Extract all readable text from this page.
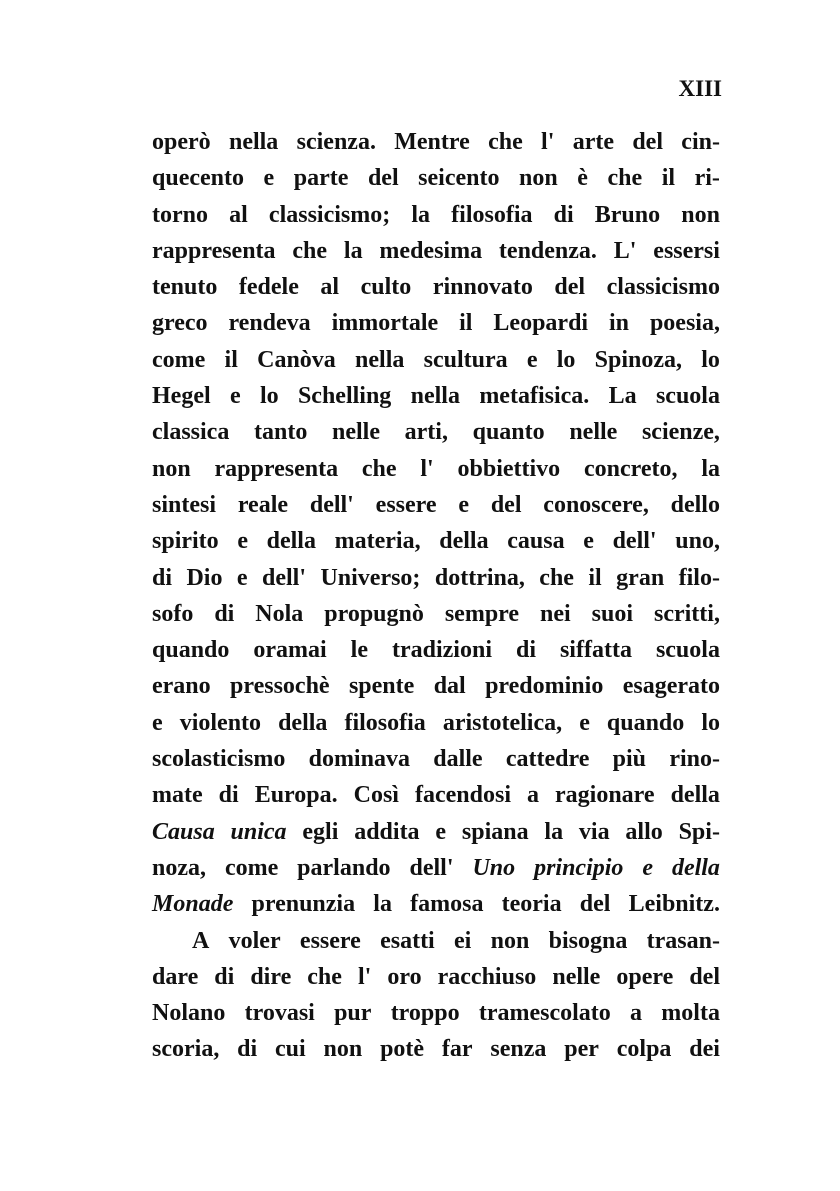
XIII
operò nella scienza. Mentre che l' arte del cin-
quecento e parte del seicento non è che il ri-
torno al classicismo; la filosofia di Bruno non
rappresenta che la medesima tendenza. L' essersi
tenuto fedele al culto rinnovato del classicismo
greco rendeva immortale il Leopardi in poesia,
come il Canòva nella scultura e lo Spinoza, lo
Hegel e lo Schelling nella metafisica. La scuola
classica tanto nelle arti, quanto nelle scienze,
non rappresenta che l' obbiettivo concreto, la
sintesi reale dell' essere e del conoscere, dello
spirito e della materia, della causa e dell' uno,
di Dio e dell' Universo; dottrina, che il gran filo-
sofo di Nola propugnò sempre nei suoi scritti,
quando oramai le tradizioni di siffatta scuola
erano pressochè spente dal predominio esagerato
e violento della filosofia aristotelica, e quando lo
scolasticismo dominava dalle cattedre più rino-
mate di Europa. Così facendosi a ragionare della
Causa unica egli addita e spiana la via allo Spi-
noza, come parlando dell' Uno principio e della
Monade prenunzia la famosa teoria del Leibnitz.
A voler essere esatti ei non bisogna trasan-
dare di dire che l' oro racchiuso nelle opere del
Nolano trovasi pur troppo tramescolato a molta
scoria, di cui non potè far senza per colpa dei
